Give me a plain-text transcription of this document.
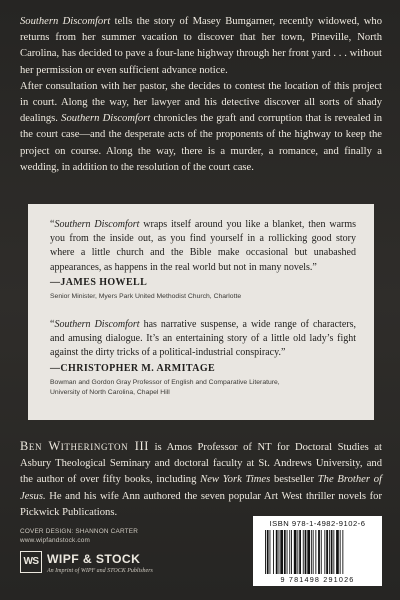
Southern Discomfort tells the story of Masey Bumgarner, recently widowed, who returns from her summer vacation to discover that her town, Pineville, North Carolina, has decided to pave a four-lane highway through her front yard . . . without her permission or even sufficient advance notice.

After consultation with her pastor, she decides to contest the location of this project in court. Along the way, her lawyer and his detective discover all sorts of shady dealings. Southern Discomfort chronicles the graft and corruption that is revealed in the court case—and the desperate acts of the proponents of the highway to keep the project on course. Along the way, there is a murder, a romance, and finally a wedding, in addition to the resolution of the court case.

“Southern Discomfort wraps itself around you like a blanket, then warms you from the inside out, as you find yourself in a rollicking good story where a little church and the Bible make occasional but unabashed appearances, as happens in the real world but not in many novels.”

—JAMES HOWELL
Senior Minister, Myers Park United Methodist Church, Charlotte

“Southern Discomfort has narrative suspense, a wide range of characters, and amusing dialogue. It’s an entertaining story of a little old lady’s fight against the dirty tricks of a political-industrial conspiracy.”

—CHRISTOPHER M. ARMITAGE
Bowman and Gordon Gray Professor of English and Comparative Literature,
University of North Carolina, Chapel Hill
Ben Witherington III is Amos Professor of NT for Doctoral Studies at Asbury Theological Seminary and doctoral faculty at St. Andrews University, and the author of over fifty books, including New York Times bestseller The Brother of Jesus. He and his wife Ann authored the seven popular Art West thriller novels for Pickwick Publications.
COVER DESIGN: SHANNON CARTER
www.wipfandstock.com
WS WIPF & STOCK
An Imprint of WIPF and STOCK Publishers
ISBN 978-1-4982-9102-6
9 781498 291026
